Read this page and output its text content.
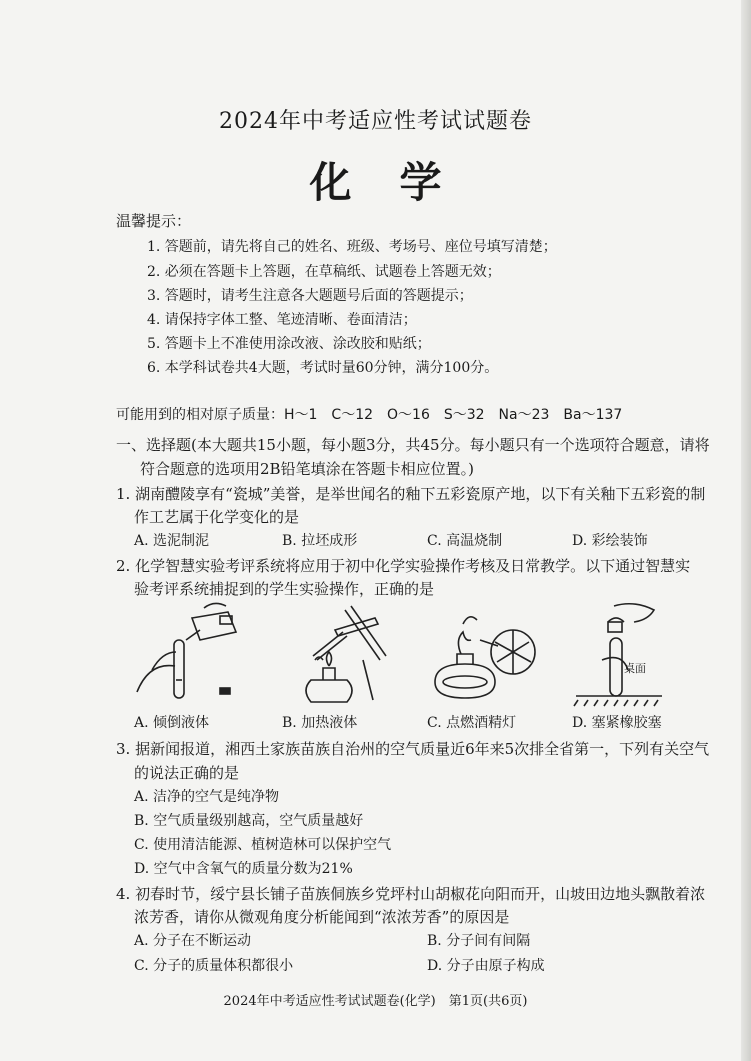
2024年中考适应性考试试题卷
化学
温馨提示：
1. 答题前，请先将自己的姓名、班级、考场号、座位号填写清楚；
2. 必须在答题卡上答题，在草稿纸、试题卷上答题无效；
3. 答题时，请考生注意各大题题号后面的答题提示；
4. 请保持字体工整、笔迹清晰、卷面清洁；
5. 答题卡上不准使用涂改液、涂改胶和贴纸；
6. 本学科试卷共4大题，考试时量60分钟，满分100分。
可能用到的相对原子质量：H～1　C～12　O～16　S～32　Na～23　Ba～137
一、选择题(本大题共15小题，每小题3分，共45分。每小题只有一个选项符合题意，请将
符合题意的选项用2B铅笔填涂在答题卡相应位置。)
1. 湖南醴陵享有“瓷城”美誉，是举世闻名的釉下五彩瓷原产地，以下有关釉下五彩瓷的制
作工艺属于化学变化的是
A. 选泥制泥	B. 拉坯成形	C. 高温烧制	D. 彩绘装饰
2. 化学智慧实验考评系统将应用于初中化学实验操作考核及日常教学。以下通过智慧实
验考评系统捕捉到的学生实验操作，正确的是
桌面
A. 倾倒液体	B. 加热液体	C. 点燃酒精灯	D. 塞紧橡胶塞
3. 据新闻报道，湘西土家族苗族自治州的空气质量近6年来5次排全省第一，下列有关空气
的说法正确的是
A. 洁净的空气是纯净物
B. 空气质量级别越高，空气质量越好
C. 使用清洁能源、植树造林可以保护空气
D. 空气中含氧气的质量分数为21%
4. 初春时节，绥宁县长铺子苗族侗族乡党坪村山胡椒花向阳而开，山坡田边地头飘散着浓
浓芳香，请你从微观角度分析能闻到“浓浓芳香”的原因是
A. 分子在不断运动	B. 分子间有间隔
C. 分子的质量体积都很小	D. 分子由原子构成
2024年中考适应性考试试题卷(化学)　第1页(共6页)
